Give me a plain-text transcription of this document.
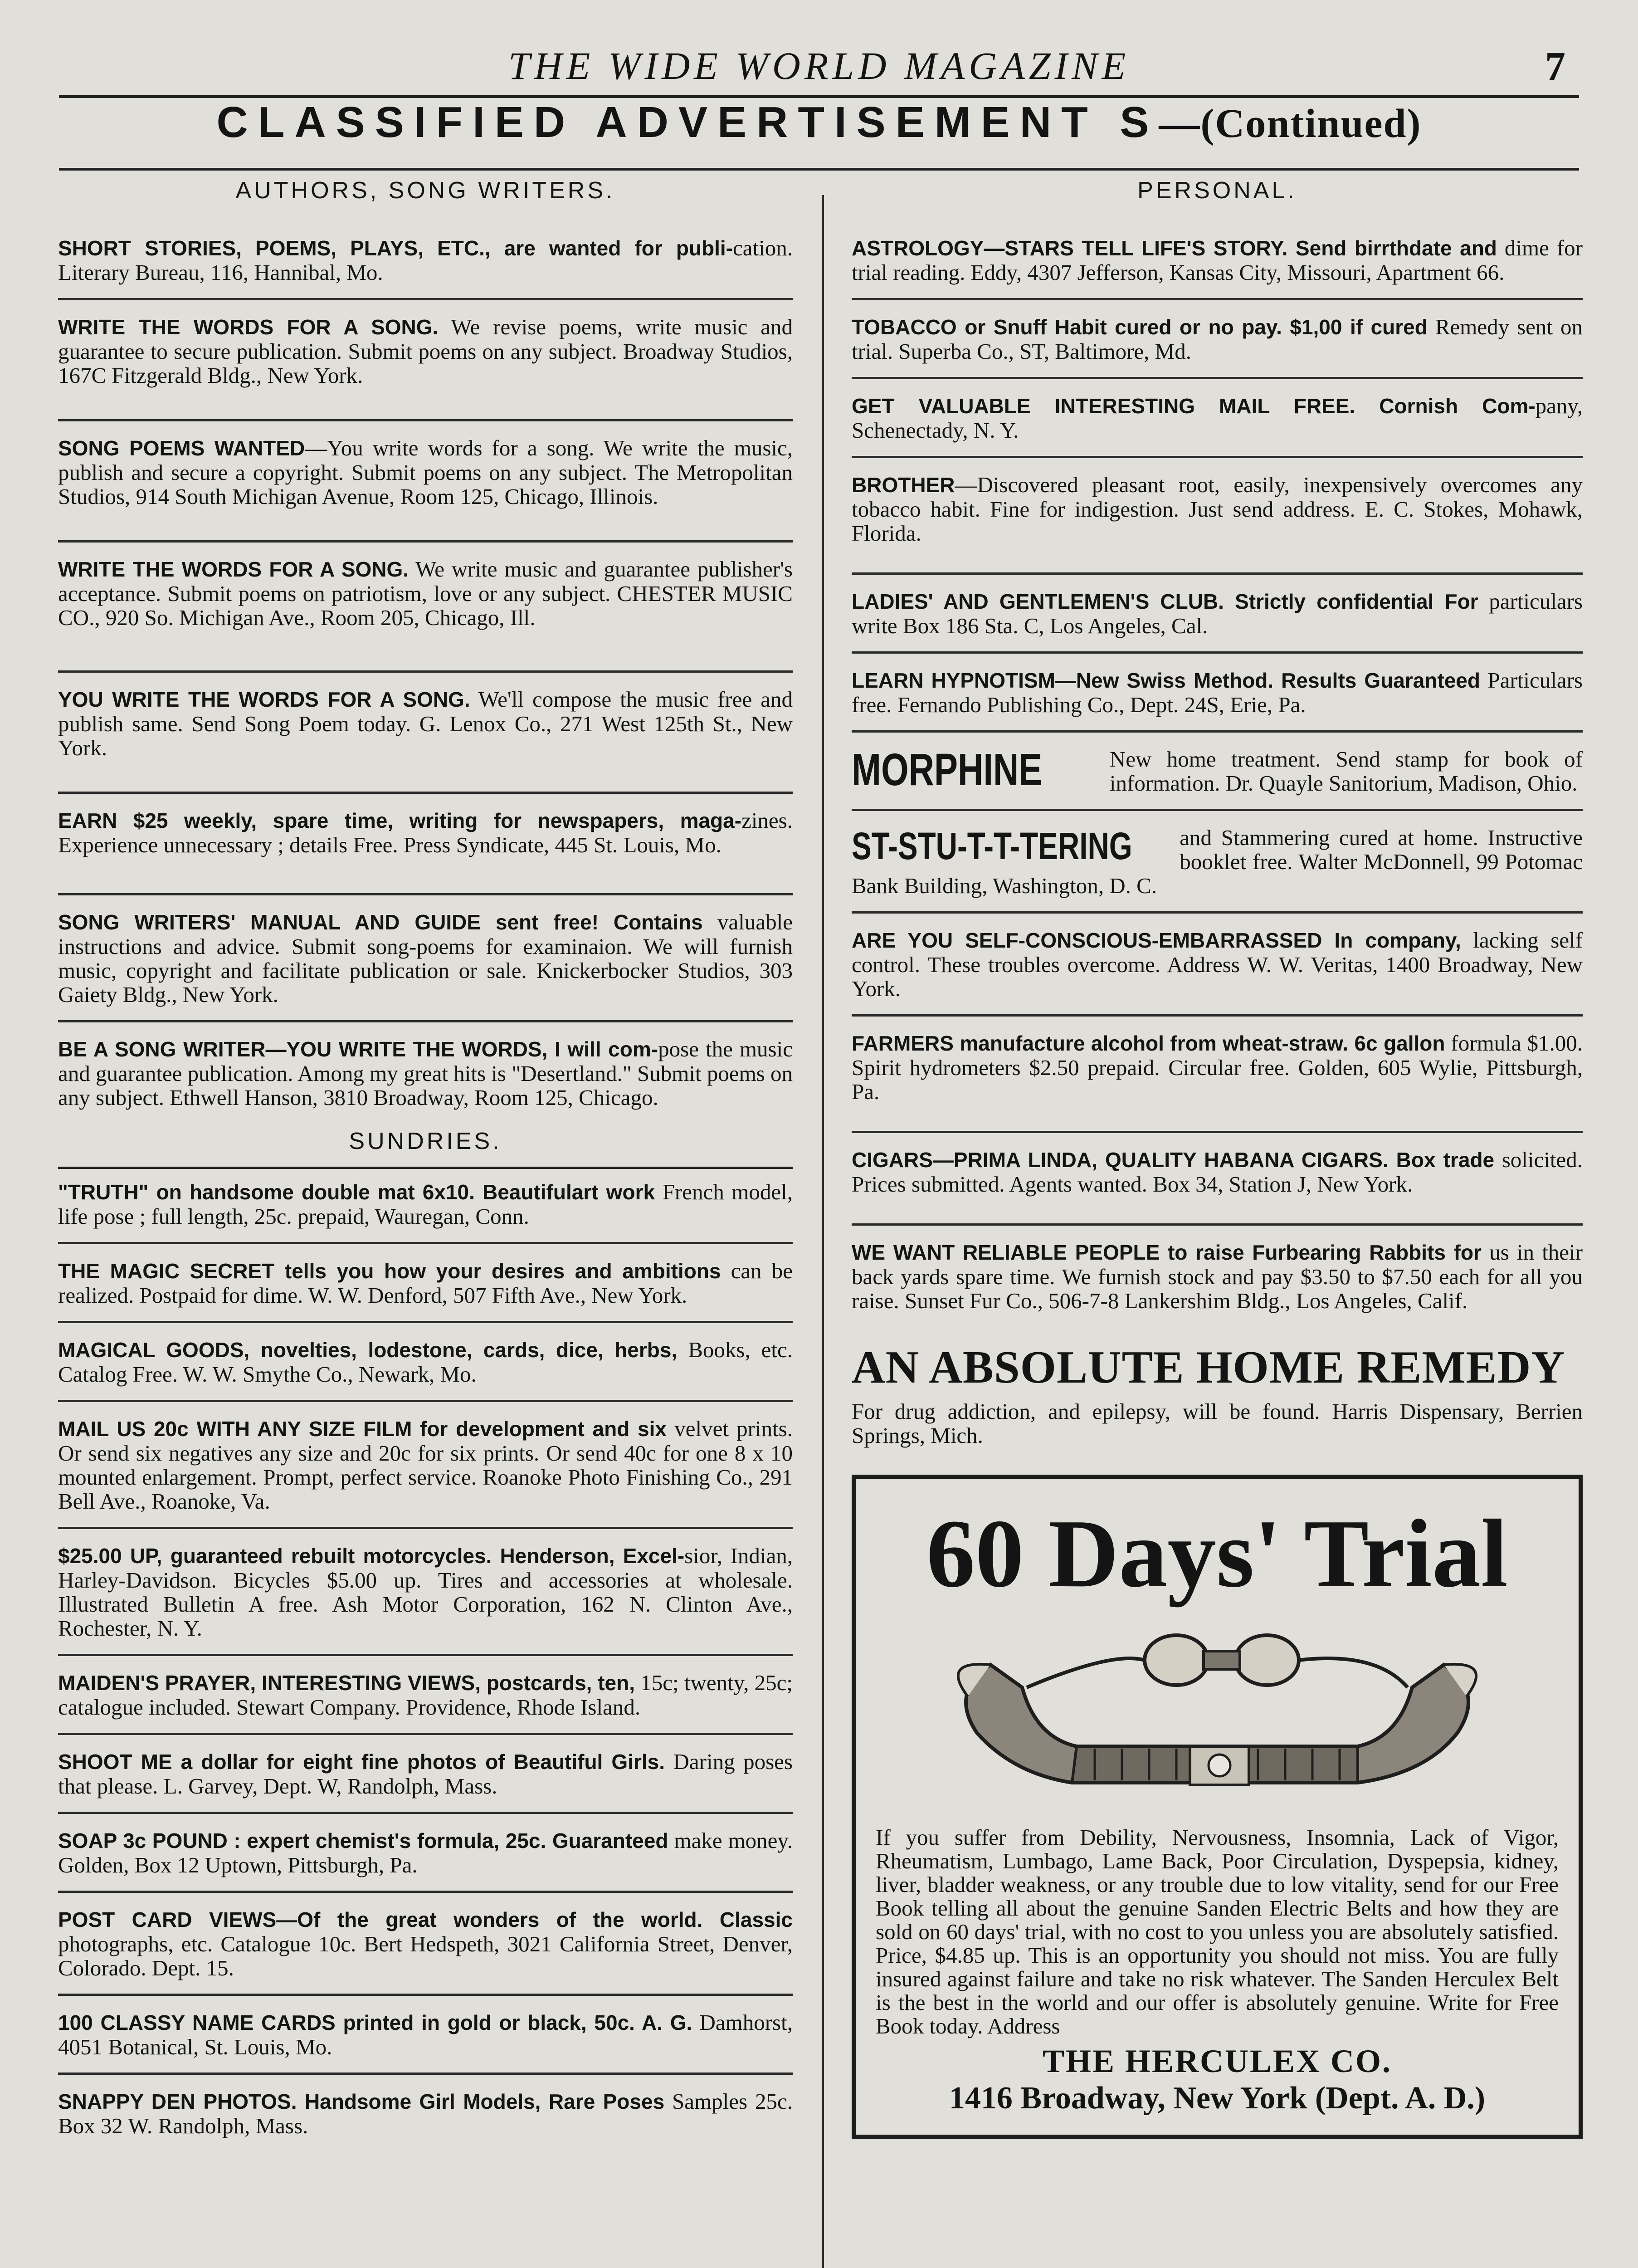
THE WIDE WORLD MAGAZINE	7
CLASSIFIED ADVERTISEMENT S—(Continued)
AUTHORS, SONG WRITERS.
SHORT STORIES, POEMS, PLAYS, ETC., are wanted for publi-cation. Literary Bureau, 116, Hannibal, Mo.
WRITE THE WORDS FOR A SONG. We revise poems, write music and guarantee to secure publication. Submit poems on any subject. Broadway Studios, 167C Fitzgerald Bldg., New York.
SONG POEMS WANTED—You write words for a song. We write the music, publish and secure a copyright. Submit poems on any subject. The Metropolitan Studios, 914 South Michigan Avenue, Room 125, Chicago, Illinois.
WRITE THE WORDS FOR A SONG. We write music and guarantee publisher's acceptance. Submit poems on patriotism, love or any subject. CHESTER MUSIC CO., 920 So. Michigan Ave., Room 205, Chicago, Ill.
YOU WRITE THE WORDS FOR A SONG. We'll compose the music free and publish same. Send Song Poem today. G. Lenox Co., 271 West 125th St., New York.
EARN $25 weekly, spare time, writing for newspapers, maga-zines. Experience unnecessary ; details Free. Press Syndicate, 445 St. Louis, Mo.
SONG WRITERS' MANUAL AND GUIDE sent free! Contains valuable instructions and advice. Submit song-poems for examinaion. We will furnish music, copyright and facilitate publication or sale. Knickerbocker Studios, 303 Gaiety Bldg., New York.
BE A SONG WRITER—YOU WRITE THE WORDS, I will com-pose the music and guarantee publication. Among my great hits is "Desertland." Submit poems on any subject. Ethwell Hanson, 3810 Broadway, Room 125, Chicago.
SUNDRIES.
"TRUTH" on handsome double mat 6x10. Beautifulart work French model, life pose ; full length, 25c. prepaid, Wauregan, Conn.
THE MAGIC SECRET tells you how your desires and ambitions can be realized. Postpaid for dime. W. W. Denford, 507 Fifth Ave., New York.
MAGICAL GOODS, novelties, lodestone, cards, dice, herbs, Books, etc. Catalog Free. W. W. Smythe Co., Newark, Mo.
MAIL US 20c WITH ANY SIZE FILM for development and six velvet prints. Or send six negatives any size and 20c for six prints. Or send 40c for one 8 x 10 mounted enlargement. Prompt, perfect service. Roanoke Photo Finishing Co., 291 Bell Ave., Roanoke, Va.
$25.00 UP, guaranteed rebuilt motorcycles. Henderson, Excel-sior, Indian, Harley-Davidson. Bicycles $5.00 up. Tires and accessories at wholesale. Illustrated Bulletin A free. Ash Motor Corporation, 162 N. Clinton Ave., Rochester, N. Y.
MAIDEN'S PRAYER, INTERESTING VIEWS, postcards, ten, 15c; twenty, 25c; catalogue included. Stewart Company. Providence, Rhode Island.
SHOOT ME a dollar for eight fine photos of Beautiful Girls. Daring poses that please. L. Garvey, Dept. W, Randolph, Mass.
SOAP 3c POUND : expert chemist's formula, 25c. Guaranteed make money. Golden, Box 12 Uptown, Pittsburgh, Pa.
POST CARD VIEWS—Of the great wonders of the world. Classic photographs, etc. Catalogue 10c. Bert Hedspeth, 3021 California Street, Denver, Colorado. Dept. 15.
100 CLASSY NAME CARDS printed in gold or black, 50c. A. G. Damhorst, 4051 Botanical, St. Louis, Mo.
SNAPPY DEN PHOTOS. Handsome Girl Models, Rare Poses Samples 25c. Box 32 W. Randolph, Mass.
PERSONAL.
ASTROLOGY—STARS TELL LIFE'S STORY. Send birrthdate and dime for trial reading. Eddy, 4307 Jefferson, Kansas City, Missouri, Apartment 66.
TOBACCO or Snuff Habit cured or no pay. $1,00 if cured Remedy sent on trial. Superba Co., ST, Baltimore, Md.
GET VALUABLE INTERESTING MAIL FREE. Cornish Com-pany, Schenectady, N. Y.
BROTHER—Discovered pleasant root, easily, inexpensively overcomes any tobacco habit. Fine for indigestion. Just send address. E. C. Stokes, Mohawk, Florida.
LADIES' AND GENTLEMEN'S CLUB. Strictly confidential For particulars write Box 186 Sta. C, Los Angeles, Cal.
LEARN HYPNOTISM—New Swiss Method. Results Guaranteed Particulars free. Fernando Publishing Co., Dept. 24S, Erie, Pa.
MORPHINE	New home treatment. Send stamp for book of information. Dr. Quayle Sanitorium, Madison, Ohio.
ST-STU-T-T-TERING and Stammering cured at home. Instructive booklet free. Walter McDonnell, 99 Potomac Bank Building, Washington, D. C.
ARE YOU SELF-CONSCIOUS-EMBARRASSED In company, lacking self control. These troubles overcome. Address W. W. Veritas, 1400 Broadway, New York.
FARMERS manufacture alcohol from wheat-straw. 6c gallon formula $1.00. Spirit hydrometers $2.50 prepaid. Circular free. Golden, 605 Wylie, Pittsburgh, Pa.
CIGARS—PRIMA LINDA, QUALITY HABANA CIGARS. Box trade solicited. Prices submitted. Agents wanted. Box 34, Station J, New York.
WE WANT RELIABLE PEOPLE to raise Furbearing Rabbits for us in their back yards spare time. We furnish stock and pay $3.50 to $7.50 each for all you raise. Sunset Fur Co., 506-7-8 Lankershim Bldg., Los Angeles, Calif.
AN ABSOLUTE HOME REMEDY
For drug addiction, and epilepsy, will be found. Harris Dispensary, Berrien Springs, Mich.
60 Days' Trial
If you suffer from Debility, Nervousness, Insomnia, Lack of Vigor, Rheumatism, Lumbago, Lame Back, Poor Circulation, Dyspepsia, kidney, liver, bladder weakness, or any trouble due to low vitality, send for our Free Book telling all about the genuine Sanden Electric Belts and how they are sold on 60 days' trial, with no cost to you unless you are absolutely satisfied. Price, $4.85 up. This is an opportunity you should not miss. You are fully insured against failure and take no risk whatever. The Sanden Herculex Belt is the best in the world and our offer is absolutely genuine. Write for Free Book today. Address
THE HERCULEX CO.
1416 Broadway, New York (Dept. A. D.)
